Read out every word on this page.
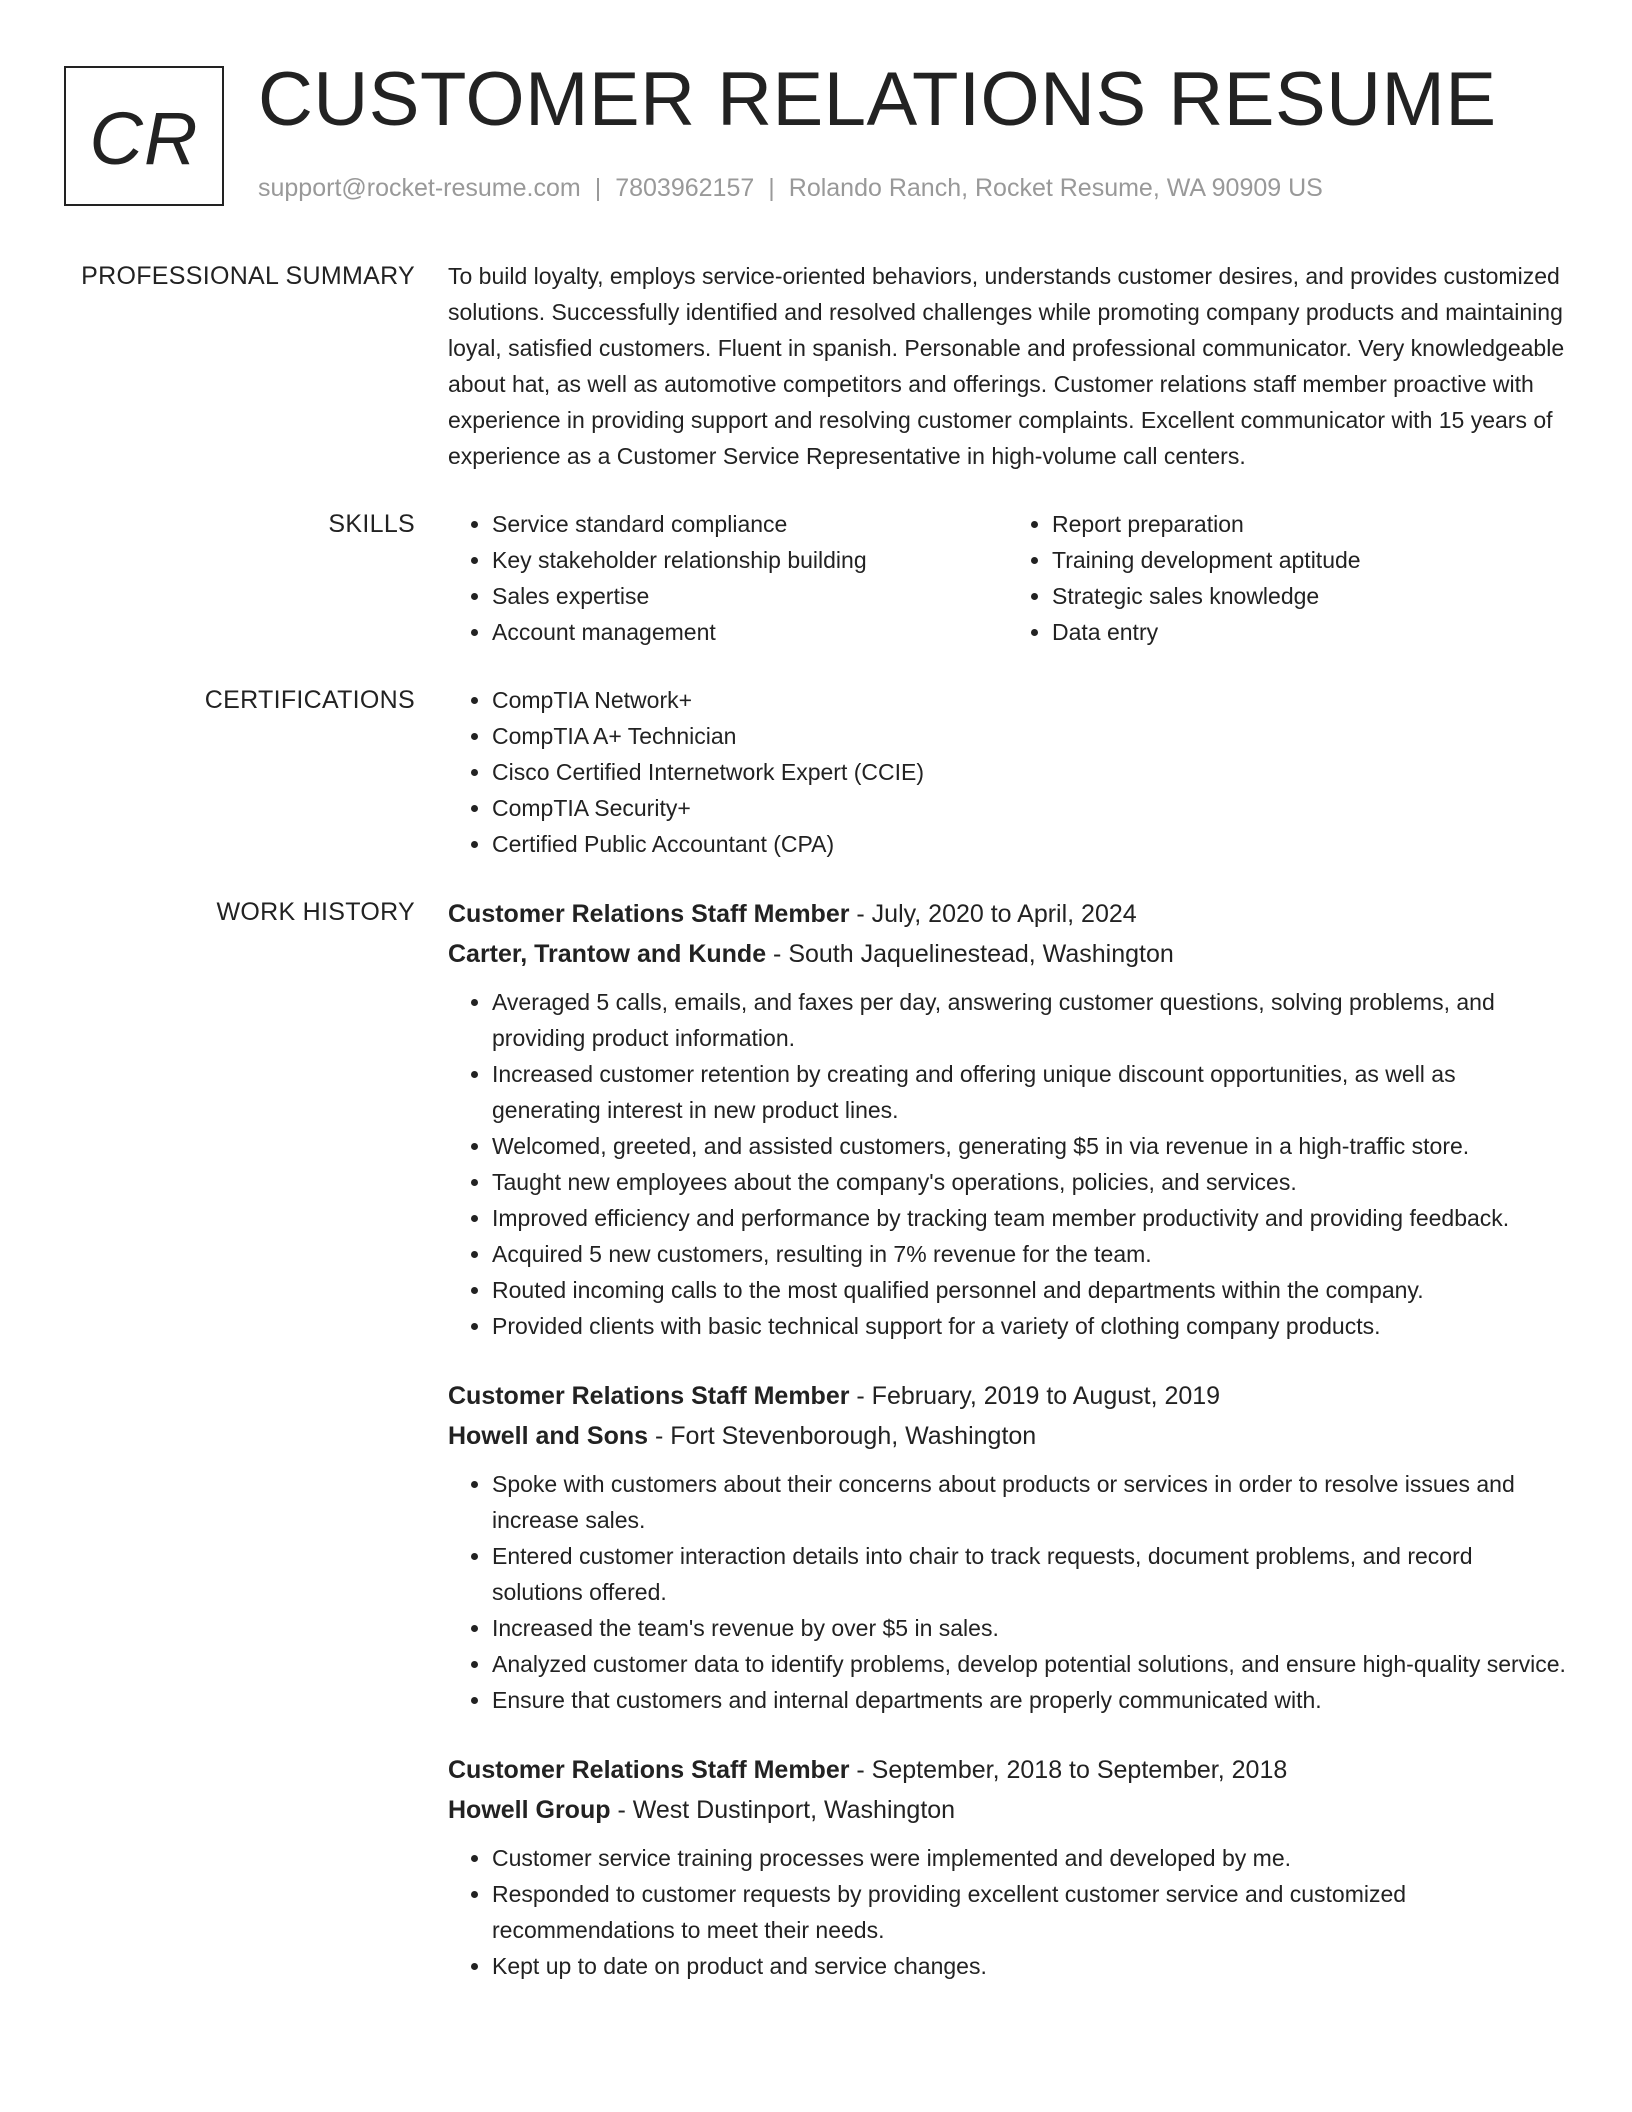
CR CUSTOMER RELATIONS RESUME
support@rocket-resume.com | 7803962157 | Rolando Ranch, Rocket Resume, WA 90909 US
PROFESSIONAL SUMMARY To build loyalty, employs service-oriented behaviors, understands customer desires, and provides customized solutions. Successfully identified and resolved challenges while promoting company products and maintaining loyal, satisfied customers. Fluent in spanish. Personable and professional communicator. Very knowledgeable about hat, as well as automotive competitors and offerings. Customer relations staff member proactive with experience in providing support and resolving customer complaints. Excellent communicator with 15 years of experience as a Customer Service Representative in high-volume call centers.

SKILLS	• Service standard compliance
• Key stakeholder relationship building
• Sales expertise
• Account management
• Report preparation
• Training development aptitude
• Strategic sales knowledge
• Data entry
CERTIFICATIONS	• CompTIA Network+
• CompTIA A+ Technician
• Cisco Certified Internetwork Expert (CCIE)
• CompTIA Security+
• Certified Public Accountant (CPA)
WORK HISTORY Customer Relations Staff Member - July, 2020 to April, 2024
Carter, Trantow and Kunde - South Jaquelinestead, Washington
• Averaged 5 calls, emails, and faxes per day, answering customer questions, solving problems, and providing product information.
• Increased customer retention by creating and offering unique discount opportunities, as well as generating interest in new product lines.
• Welcomed, greeted, and assisted customers, generating $5 in via revenue in a high-traffic store.
• Taught new employees about the company's operations, policies, and services.
• Improved efficiency and performance by tracking team member productivity and providing feedback.
• Acquired 5 new customers, resulting in 7% revenue for the team.
• Routed incoming calls to the most qualified personnel and departments within the company.
• Provided clients with basic technical support for a variety of clothing company products.
Customer Relations Staff Member - February, 2019 to August, 2019
Howell and Sons - Fort Stevenborough, Washington
• Spoke with customers about their concerns about products or services in order to resolve issues and increase sales.
• Entered customer interaction details into chair to track requests, document problems, and record solutions offered.
• Increased the team's revenue by over $5 in sales.
• Analyzed customer data to identify problems, develop potential solutions, and ensure high-quality service.
• Ensure that customers and internal departments are properly communicated with.
Customer Relations Staff Member - September, 2018 to September, 2018
Howell Group - West Dustinport, Washington
• Customer service training processes were implemented and developed by me.
• Responded to customer requests by providing excellent customer service and customized recommendations to meet their needs.
• Kept up to date on product and service changes.
